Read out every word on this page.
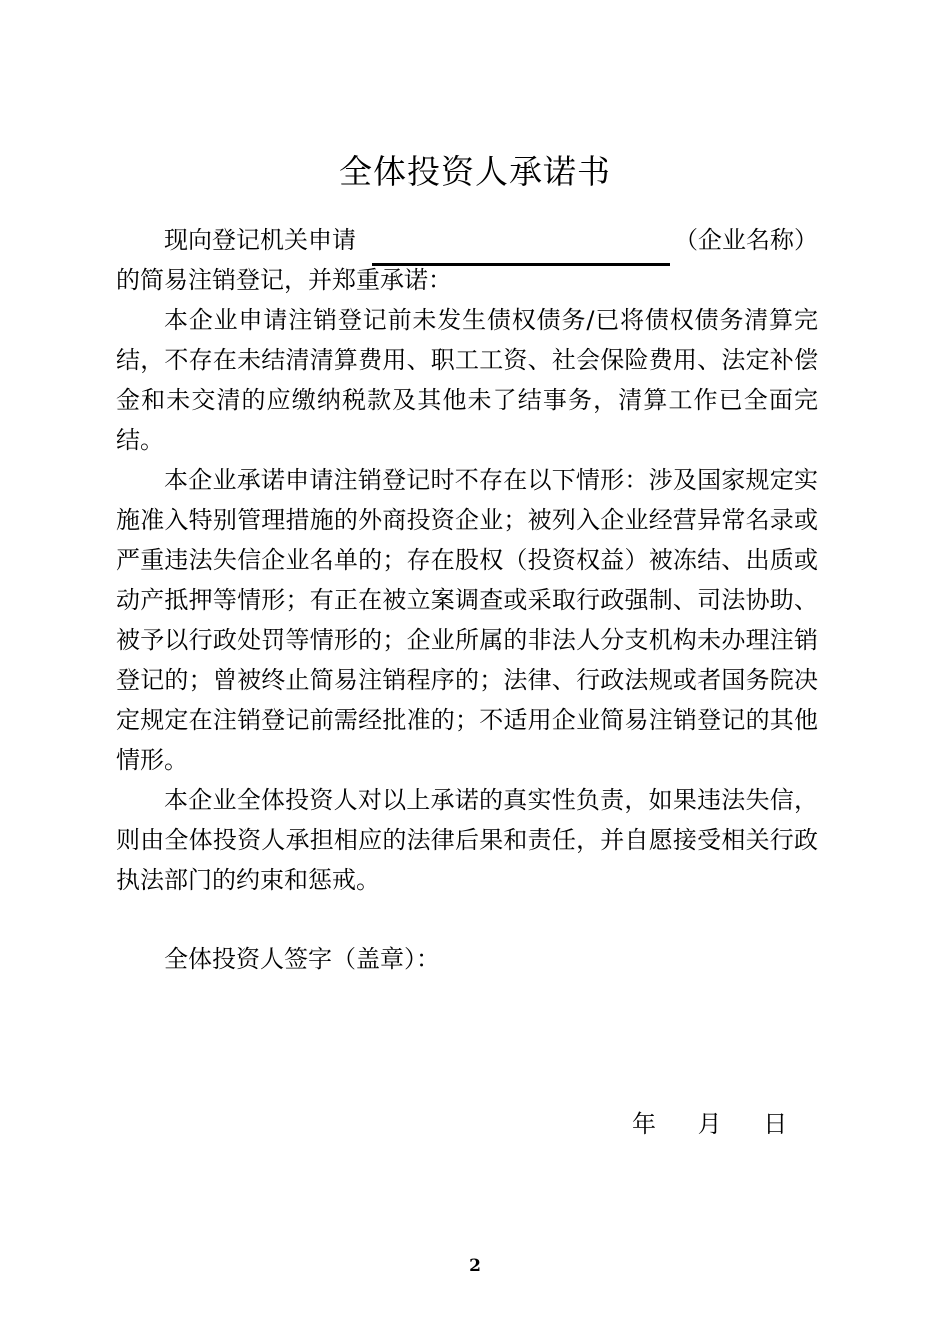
全体投资人承诺书
现向登记机关申请	（企业名称）

的简易注销登记，并郑重承诺：

本企业申请注销登记前未发生债权债务/已将债权债务清算完结，不存在未结清清算费用、职工工资、社会保险费用、法定补偿金和未交清的应缴纳税款及其他未了结事务，清算工作已全面完结。

本企业承诺申请注销登记时不存在以下情形：涉及国家规定实施准入特别管理措施的外商投资企业；被列入企业经营异常名录或严重违法失信企业名单的；存在股权（投资权益）被冻结、出质或动产抵押等情形；有正在被立案调查或采取行政强制、司法协助、被予以行政处罚等情形的；企业所属的非法人分支机构未办理注销登记的；曾被终止简易注销程序的；法律、行政法规或者国务院决定规定在注销登记前需经批准的；不适用企业简易注销登记的其他情形。

本企业全体投资人对以上承诺的真实性负责，如果违法失信，则由全体投资人承担相应的法律后果和责任，并自愿接受相关行政执法部门的约束和惩戒。

全体投资人签字（盖章）：
年 月 日
2
